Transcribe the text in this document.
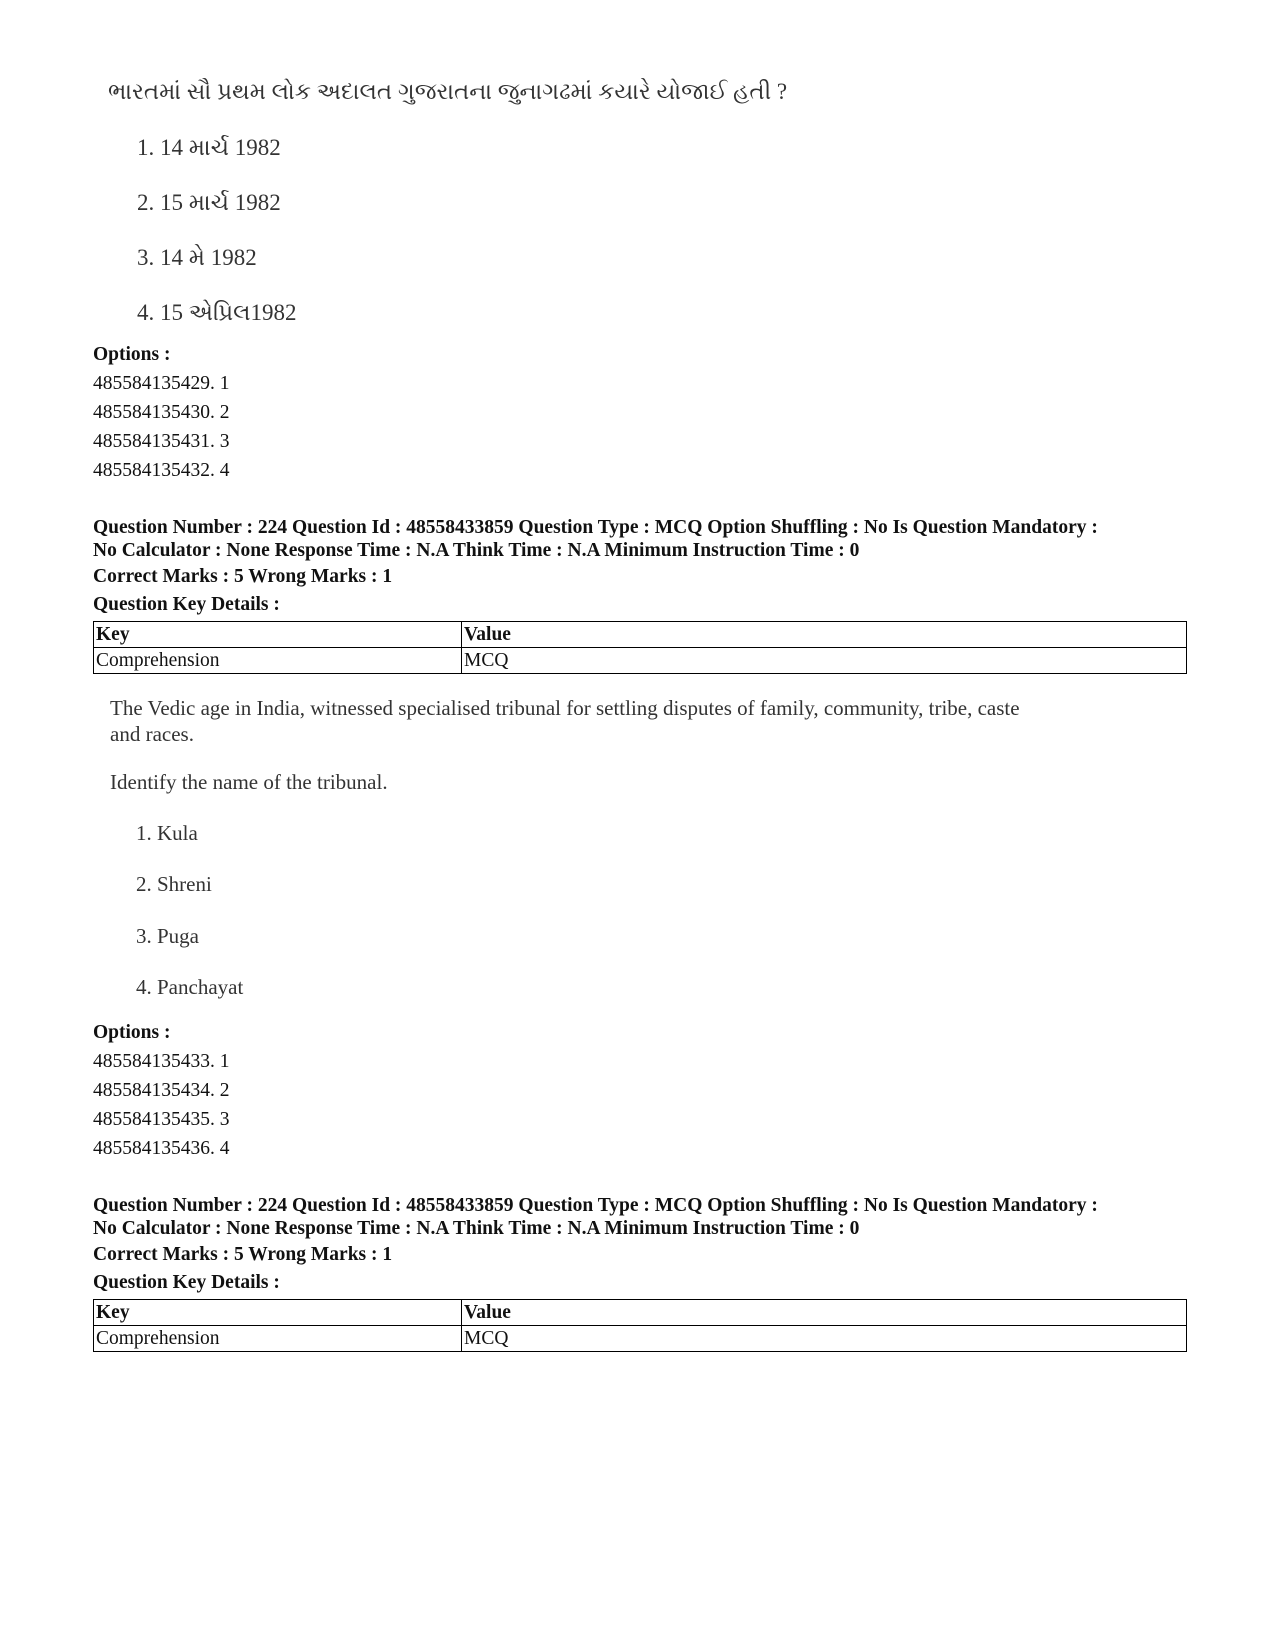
ભારતમાં સૌ પ્રથમ લોક અદાલત ગુજરાતના જુનાગઢમાં કયારે યોજાઈ હતી ?
1. 14 માર્ચ 1982
2. 15 માર્ચ 1982
3. 14 મે 1982
4. 15 એપ્રિલ1982
Options :
485584135429. 1
485584135430. 2
485584135431. 3
485584135432. 4
Question Number : 224 Question Id : 48558433859 Question Type : MCQ Option Shuffling : No Is Question Mandatory :
No Calculator : None Response Time : N.A Think Time : N.A Minimum Instruction Time : 0
Correct Marks : 5 Wrong Marks : 1
Question Key Details :
Key	Value
Comprehension	MCQ
The Vedic age in India, witnessed specialised tribunal for settling disputes of family, community, tribe, caste
and races.
Identify the name of the tribunal.
1. Kula
2. Shreni
3. Puga
4. Panchayat
Options :
485584135433. 1
485584135434. 2
485584135435. 3
485584135436. 4
Question Number : 224 Question Id : 48558433859 Question Type : MCQ Option Shuffling : No Is Question Mandatory :
No Calculator : None Response Time : N.A Think Time : N.A Minimum Instruction Time : 0
Correct Marks : 5 Wrong Marks : 1
Question Key Details :
Key	Value
Comprehension	MCQ
